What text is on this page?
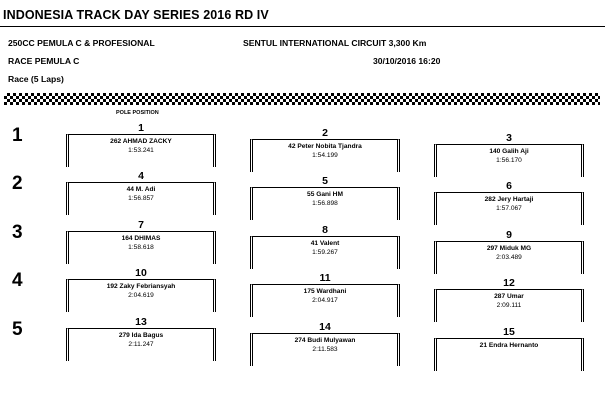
INDONESIA TRACK DAY SERIES 2016 RD IV
250CC PEMULA C & PROFESIONAL	SENTUL INTERNATIONAL CIRCUIT 3,300 Km
RACE PEMULA C	30/10/2016 16:20
Race (5 Laps)
POLE POSITION
1
2
3
4
5
1
262 AHMAD ZACKY
1:53.241
2
42 Peter Nobita Tjandra
1:54.199
3
140 Galih Aji
1:56.170
4
44 M. Adi
1:56.857
5
55 Gani HM
1:56.898
6
282 Jery Hartaji
1:57.067
7
164 DHIMAS
1:58.618
8
41 Valent
1:59.267
9
297 Miduk MG
2:03.489
10
192 Zaky Febriansyah
2:04.619
11
175 Wardhani
2:04.917
12
287 Umar
2:09.111
13
279 Ida Bagus
2:11.247
14
274 Budi Mulyawan
2:11.583
15
21 Endra Hernanto
